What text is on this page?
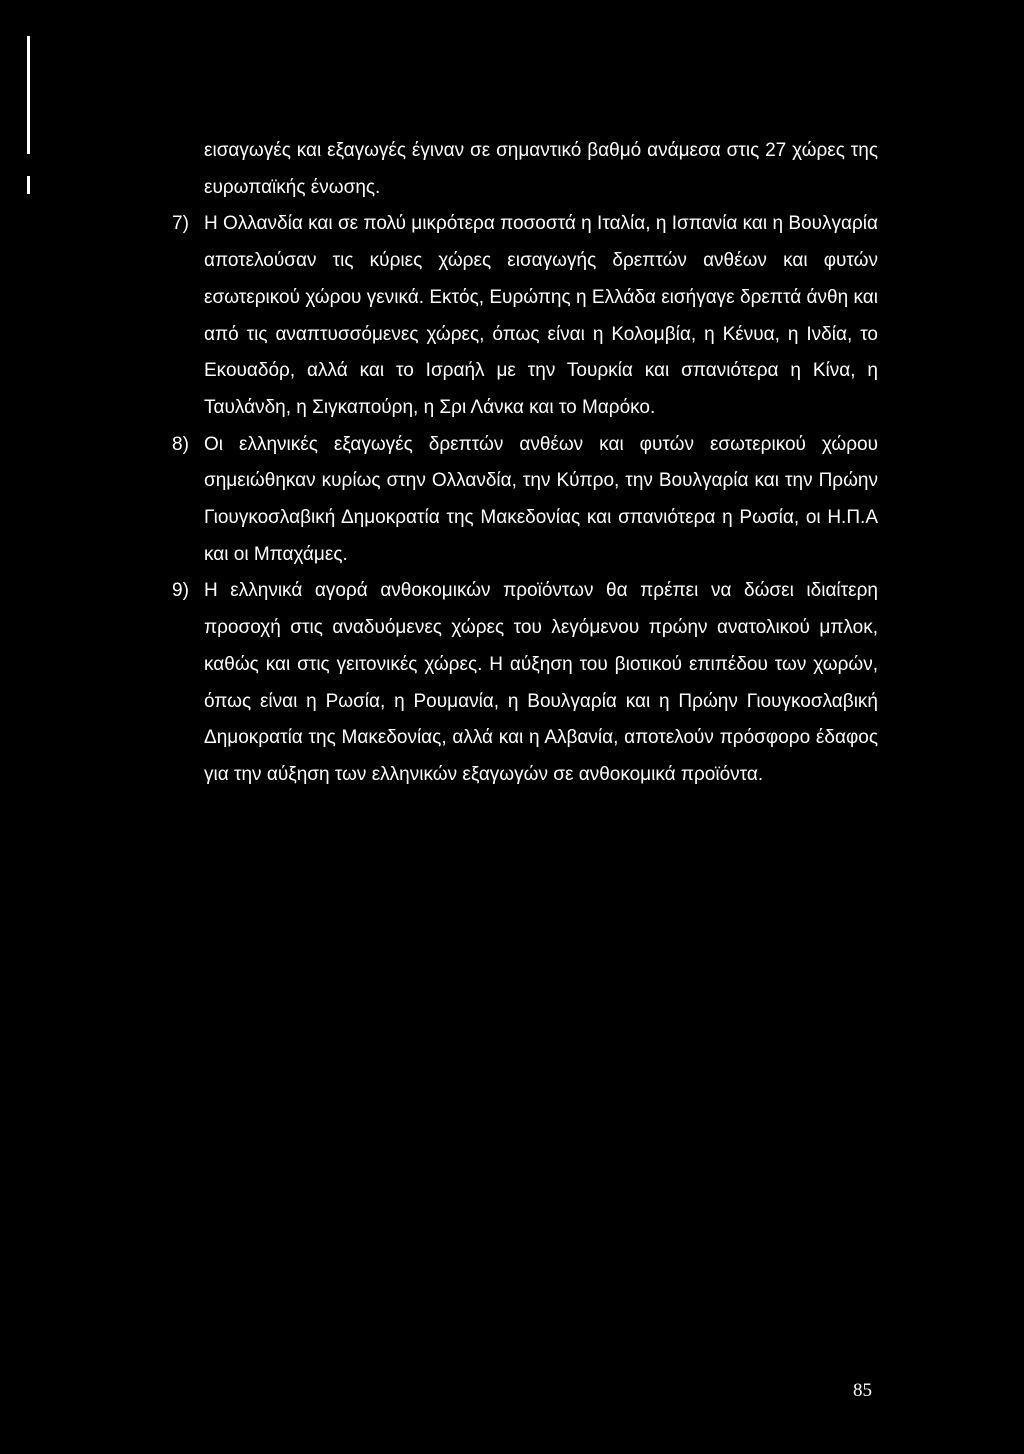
εισαγωγές και εξαγωγές έγιναν σε σημαντικό βαθμό ανάμεσα στις 27 χώρες της ευρωπαϊκής ένωσης.

7) Η Ολλανδία και σε πολύ μικρότερα ποσοστά η Ιταλία, η Ισπανία και η Βουλγαρία αποτελούσαν τις κύριες χώρες εισαγωγής δρεπτών ανθέων και φυτών εσωτερικού χώρου γενικά. Εκτός, Ευρώπης η Ελλάδα εισήγαγε δρεπτά άνθη και από τις αναπτυσσόμενες χώρες, όπως είναι η Κολομβία, η Κένυα, η Ινδία, το Εκουαδόρ, αλλά και το Ισραήλ με την Τουρκία και σπανιότερα η Κίνα, η Ταυλάνδη, η Σιγκαπούρη, η Σρι Λάνκα και το Μαρόκο.

8) Οι ελληνικές εξαγωγές δρεπτών ανθέων και φυτών εσωτερικού χώρου σημειώθηκαν κυρίως στην Ολλανδία, την Κύπρο, την Βουλγαρία και την Πρώην Γιουγκοσλαβική Δημοκρατία της Μακεδονίας και σπανιότερα η Ρωσία, οι Η.Π.Α και οι Μπαχάμες.

9) Η ελληνικά αγορά ανθοκομικών προϊόντων θα πρέπει να δώσει ιδιαίτερη προσοχή στις αναδυόμενες χώρες του λεγόμενου πρώην ανατολικού μπλοκ, καθώς και στις γειτονικές χώρες. Η αύξηση του βιοτικού επιπέδου των χωρών, όπως είναι η Ρωσία, η Ρουμανία, η Βουλγαρία και η Πρώην Γιουγκοσλαβική Δημοκρατία της Μακεδονίας, αλλά και η Αλβανία, αποτελούν πρόσφορο έδαφος για την αύξηση των ελληνικών εξαγωγών σε ανθοκομικά προϊόντα.

85
